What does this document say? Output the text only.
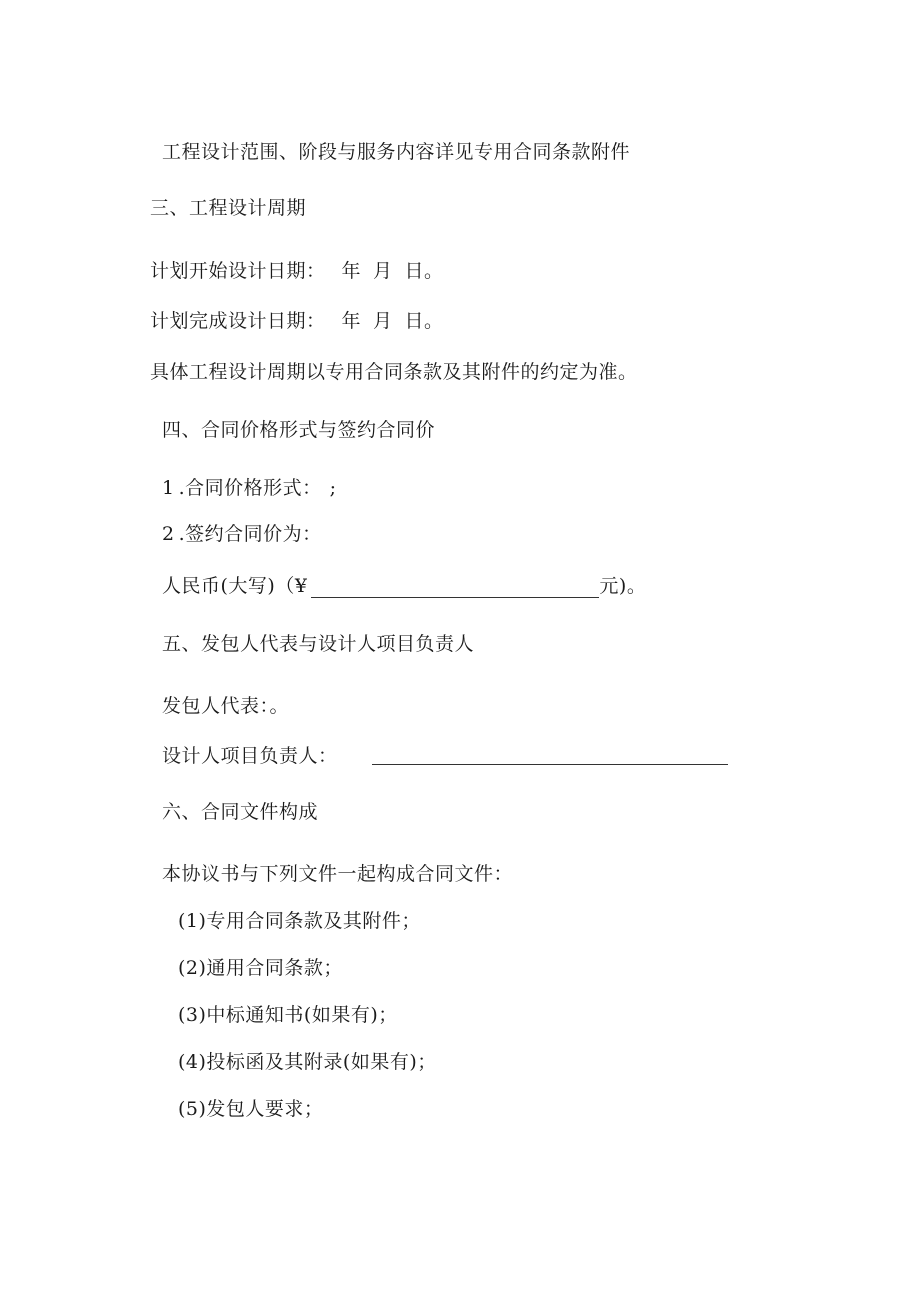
工程设计范围、阶段与服务内容详见专用合同条款附件
三、工程设计周期
计划开始设计日期： 年 月 日。
计划完成设计日期： 年 月 日。
具体工程设计周期以专用合同条款及其附件的约定为准。
四、合同价格形式与签约合同价
1 .合同价格形式： ;
2 .签约合同价为：
人民币(大写)（¥	元)。
五、发包人代表与设计人项目负责人
发包人代表：。
设计人项目负责人：
六、合同文件构成
本协议书与下列文件一起构成合同文件：
(1)专用合同条款及其附件；
(2)通用合同条款；
(3)中标通知书(如果有)；
(4)投标函及其附录(如果有)；
(5)发包人要求；
